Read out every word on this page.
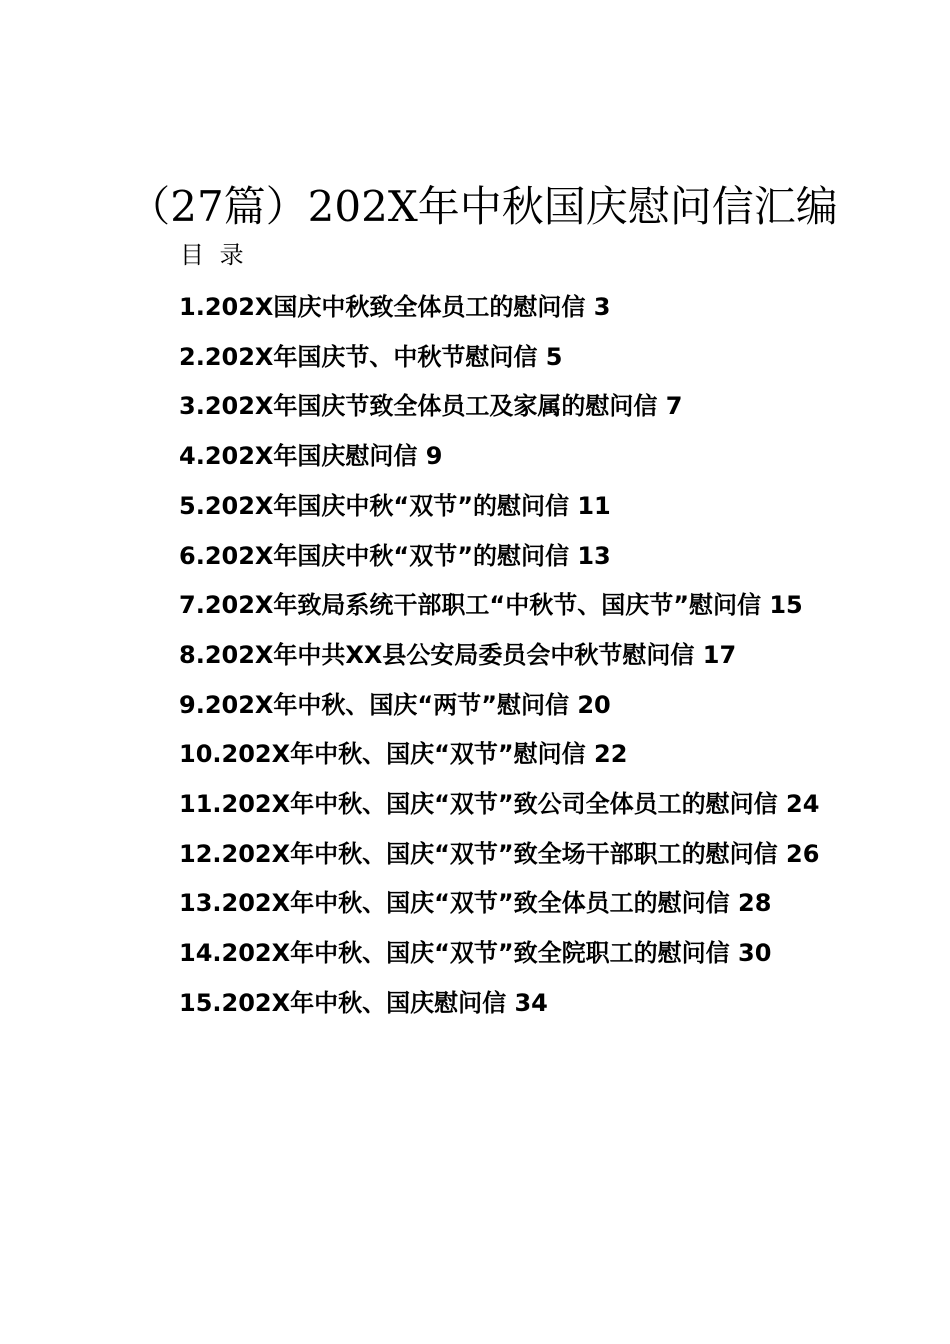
（27篇）202X年中秋国庆慰问信汇编
目 录
1.202X国庆中秋致全体员工的慰问信 3
2.202X年国庆节、中秋节慰问信 5
3.202X年国庆节致全体员工及家属的慰问信 7
4.202X年国庆慰问信 9
5.202X年国庆中秋“双节”的慰问信 11
6.202X年国庆中秋“双节”的慰问信 13
7.202X年致局系统干部职工“中秋节、国庆节”慰问信 15
8.202X年中共XX县公安局委员会中秋节慰问信 17
9.202X年中秋、国庆“两节”慰问信 20
10.202X年中秋、国庆“双节”慰问信 22
11.202X年中秋、国庆“双节”致公司全体员工的慰问信 24
12.202X年中秋、国庆“双节”致全场干部职工的慰问信 26
13.202X年中秋、国庆“双节”致全体员工的慰问信 28
14.202X年中秋、国庆“双节”致全院职工的慰问信 30
15.202X年中秋、国庆慰问信 34
